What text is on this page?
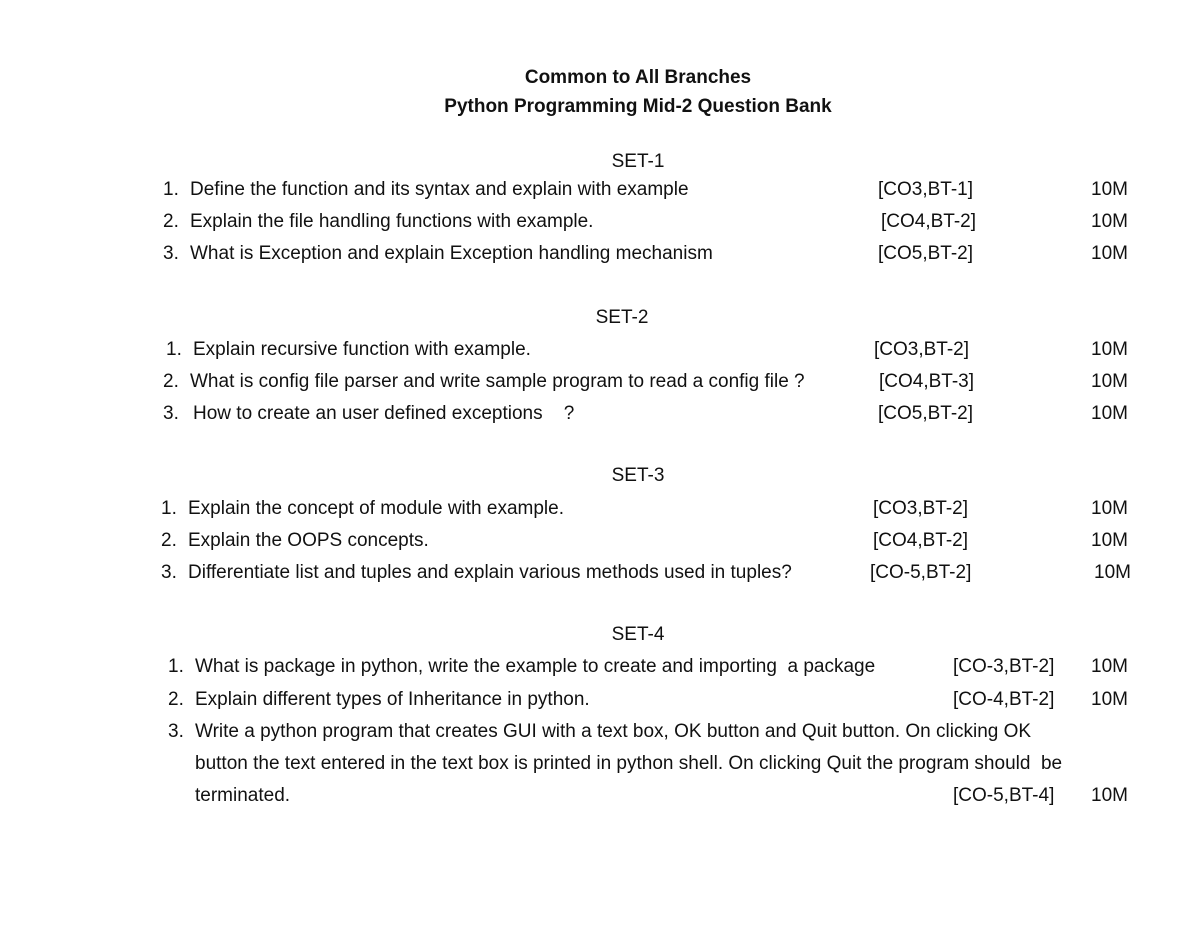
Common to All Branches
Python Programming Mid-2 Question Bank
SET-1
1. Define the function and its syntax and explain with example	[CO3,BT-1]	10M
2. Explain the file handling functions with example.	[CO4,BT-2]	10M
3. What is Exception and explain Exception handling mechanism	[CO5,BT-2]	10M
SET-2
1. Explain recursive function with example.	[CO3,BT-2]	10M
2. What is config file parser and write sample program to read a config file ?	[CO4,BT-3]	10M
3. How to create an user defined exceptions    ?	[CO5,BT-2]	10M
SET-3
1. Explain the concept of module with example.	[CO3,BT-2]	10M
2. Explain the OOPS concepts.	[CO4,BT-2]	10M
3. Differentiate list and tuples and explain various methods used in tuples?	[CO-5,BT-2]	10M
SET-4
1. What is package in python, write the example to create and importing  a package	[CO-3,BT-2] 10M
2. Explain different types of Inheritance in python.	[CO-4,BT-2] 10M
3. Write a python program that creates GUI with a text box, OK button and Quit button. On clicking OK
button the text entered in the text box is printed in python shell. On clicking Quit the program should  be
terminated.	[CO-5,BT-4] 10M
